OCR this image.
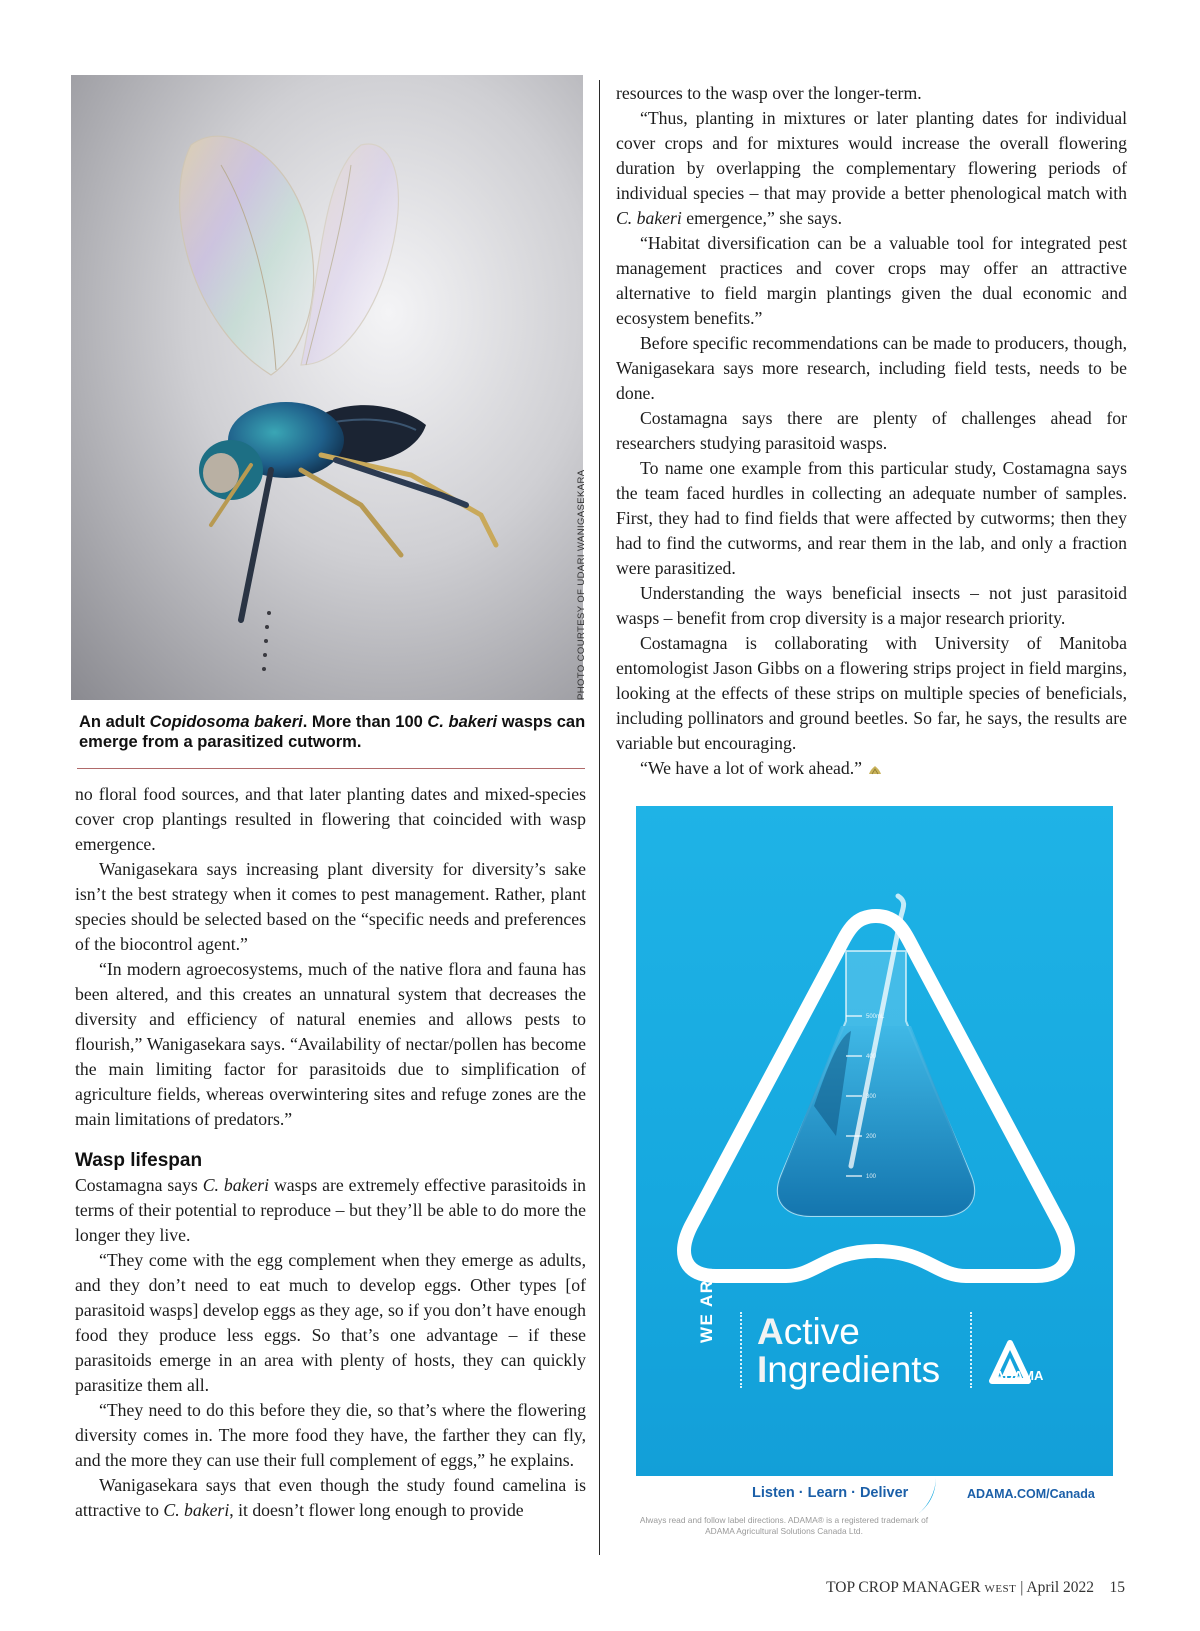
PHOTO COURTESY OF UDARI WANIGASEKARA
An adult Copidosoma bakeri. More than 100 C. bakeri wasps can emerge from a parasitized cutworm.

no floral food sources, and that later planting dates and mixed-species cover crop plantings resulted in flowering that coincided with wasp emergence.

Wanigasekara says increasing plant diversity for diversity’s sake isn’t the best strategy when it comes to pest management. Rather, plant species should be selected based on the “specific needs and preferences of the biocontrol agent.”

“In modern agroecosystems, much of the native flora and fauna has been altered, and this creates an unnatural system that decreases the diversity and efficiency of natural enemies and allows pests to flourish,” Wanigasekara says. “Availability of nectar/pollen has become the main limiting factor for parasitoids due to simplification of agriculture fields, whereas overwintering sites and refuge zones are the main limitations of predators.”

Wasp lifespan

Costamagna says C. bakeri wasps are extremely effective parasitoids in terms of their potential to reproduce – but they’ll be able to do more the longer they live.

“They come with the egg complement when they emerge as adults, and they don’t need to eat much to develop eggs. Other types [of parasitoid wasps] develop eggs as they age, so if you don’t have enough food they produce less eggs. So that’s one advantage – if these parasitoids emerge in an area with plenty of hosts, they can quickly parasitize them all.

“They need to do this before they die, so that’s where the flowering diversity comes in. The more food they have, the farther they can fly, and the more they can use their full complement of eggs,” he explains.

Wanigasekara says that even though the study found camelina is attractive to C. bakeri, it doesn’t flower long enough to provide

resources to the wasp over the longer-term.

“Thus, planting in mixtures or later planting dates for individual cover crops and for mixtures would increase the overall flowering duration by overlapping the complementary flowering periods of individual species – that may provide a better phenological match with C. bakeri emergence,” she says.

“Habitat diversification can be a valuable tool for integrated pest management practices and cover crops may offer an attractive alternative to field margin plantings given the dual economic and ecosystem benefits.”

Before specific recommendations can be made to producers, though, Wanigasekara says more research, including field tests, needs to be done.

Costamagna says there are plenty of challenges ahead for researchers studying parasitoid wasps.

To name one example from this particular study, Costamagna says the team faced hurdles in collecting an adequate number of samples. First, they had to find fields that were affected by cutworms; then they had to find the cutworms, and rear them in the lab, and only a fraction were parasitized.

Understanding the ways beneficial insects – not just parasitoid wasps – benefit from crop diversity is a major research priority.

Costamagna is collaborating with University of Manitoba entomologist Jason Gibbs on a flowering strips project in field margins, looking at the effects of these strips on multiple species of beneficials, including pollinators and ground beetles. So far, he says, the results are variable but encouraging.

“We have a lot of work ahead.”

500mL
400
300
200
100
WE ARE Active
Ingredients	ADAMA
Listen · Learn · Deliver	ADAMA.COM/Canada
Always read and follow label directions. ADAMA® is a registered trademark of ADAMA Agricultural Solutions Canada Ltd.
TOP CROP MANAGER WEST | April 2022 15
